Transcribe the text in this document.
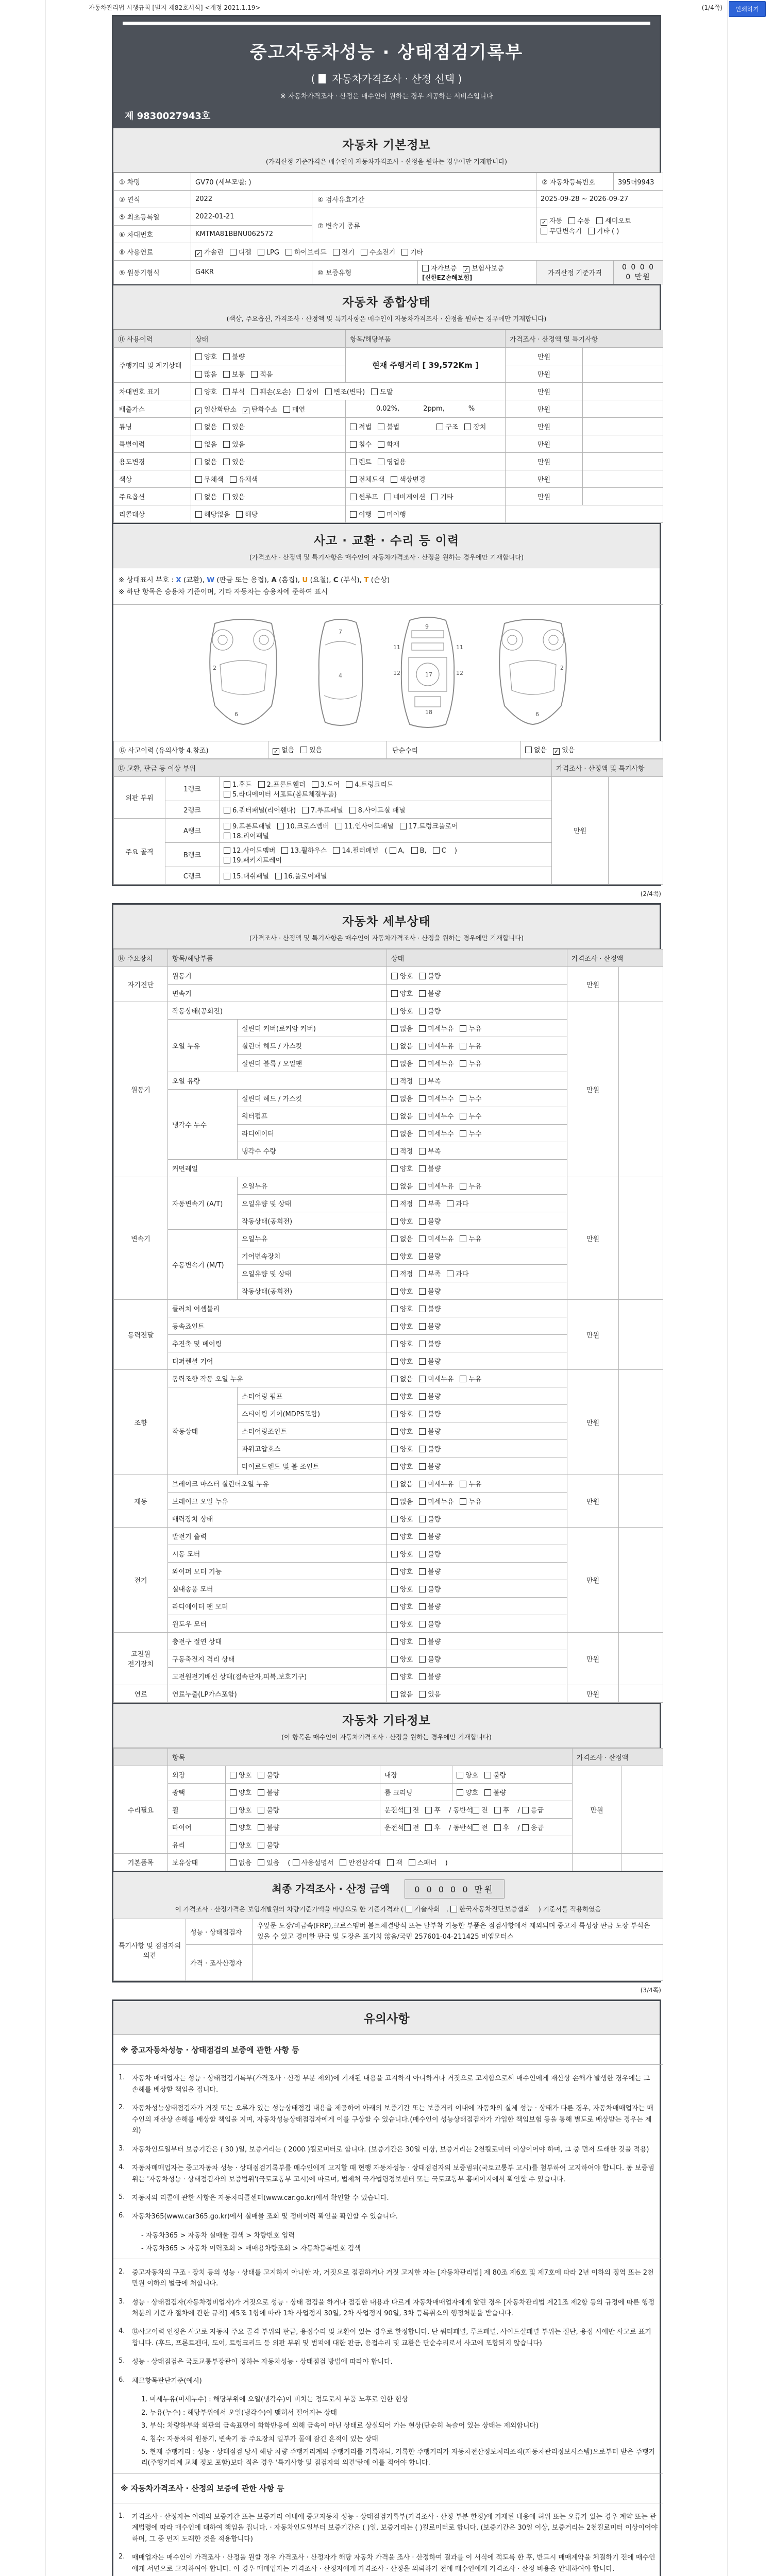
인쇄하기
자동차관리법 시행규칙 [별지 제82호서식] <개정 2021.1.19>	(1/4쪽)
중고자동차성능 · 상태점검기록부
( 자동차가격조사 · 산정 선택 )
※ 자동차가격조사 · 산정은 매수인이 원하는 경우 제공하는 서비스입니다
제 9830027943호
자동차 기본정보
(가격산정 기준가격은 매수인이 자동차가격조사 · 산정을 원하는 경우에만 기재합니다)
① 차명	GV70 (세부모델: )			② 자동차등록번호	395더9943
③ 연식	2022	④ 검사유효기간		2025-09-28 ~ 2026-09-27	
⑤ 최초등록일	2022-01-21	⑦ 변속기 종류		✓ 자동 수동 세미오토
무단변속기 기타 ( )	
⑥ 차대번호	KMTMA81BBNU062572				
⑧ 사용연료	✓ 가솔린 디젤 LPG 하이브리드 전기 수소전기 기타				
⑨ 원동기형식	G4KR	⑩ 보증유형	자가보증 ✓ 보험사보증[신한EZ손해보험]	가격산정 기준가격	0 0 0 0 0 만원
자동차 종합상태
(색상, 주요옵션, 가격조사 · 산정액 및 특기사항은 매수인이 자동차가격조사 · 산정을 원하는 경우에만 기재합니다)
⑪ 사용이력	상태	항목/해당부품	가격조사 · 산정액 및 특기사항	
주행거리 및 계기상태	양호 불량	현재 주행거리 [ 39,572Km ]	만원	
	많음 보통 적음		만원	
차대번호 표기	양호 부식 훼손(오손) 상이 변조(변타) 도말		만원	
배출가스	✓ 일산화탄소 ✓ 탄화수소 매연	0.02%, 2ppm, %	만원	
튜닝	없음 있음	적법 불법 구조 장치	만원	
특별이력	없음 있음	침수 화재	만원	
용도변경	없음 있음	렌트 영업용	만원	
색상	무채색 유채색	전체도색 색상변경	만원	
주요옵션	없음 있음	썬루프 네비게이션 기타	만원	
리콜대상	해당없음 해당	이행 미이행		
사고 · 교환 · 수리 등 이력
(가격조사 · 산정액 및 특기사항은 매수인이 자동차가격조사 · 산정을 원하는 경우에만 기재합니다)
※ 상태표시 부호 : X (교환), W (판금 또는 용접), A (흠집), U (요철), C (부식), T (손상)
※ 하단 항목은 승용차 기준이며, 기타 자동차는 승용차에 준하여 표시
2
6
7
4
9
11	11
12	12
17
18	6
2
⑫ 사고이력 (유의사항 4.참조)	✓ 없음 있음	단순수리	없음 ✓ 있음
⑬ 교환, 판금 등 이상 부위			가격조사 · 산정액 및 특기사항	
외판 부위	1랭크	1.후드 2.프론트휀더 3.도어 4.트렁크리드
5.라디에이터 서포트(볼트체결부품)	만원	
	2랭크	6.쿼터패널(리어휀다) 7.루프패널 8.사이드실 패널		
주요 골격	A랭크	9.프론트패널 10.크로스멤버 11.인사이드패널 17.트렁크플로어
18.리어패널		
	B랭크	12.사이드멤버 13.휠하우스 14.필러패널 ( A, B, C )
19.패키지트레이		
	C랭크	15.대쉬패널 16.플로어패널		
(2/4쪽)
자동차 세부상태
(가격조사 · 산정액 및 특기사항은 매수인이 자동차가격조사 · 산정을 원하는 경우에만 기재합니다)
⑭ 주요장치	항목/해당부품		상태	가격조사 · 산정액	
자기진단	원동기		양호 불량	만원	
	변속기		양호 불량		
원동기	작동상태(공회전)		양호 불량	만원	
	오일 누유	실린더 커버(로커암 커버)	없음 미세누유 누유		
		실린더 헤드 / 가스킷	없음 미세누유 누유		
		실린더 블록 / 오일팬	없음 미세누유 누유		
	오일 유량		적정 부족		
	냉각수 누수	실린더 헤드 / 가스킷	없음 미세누수 누수		
		워터펌프	없음 미세누수 누수		
		라디에이터	없음 미세누수 누수		
		냉각수 수량	적정 부족		
	커먼레일		양호 불량		
변속기	자동변속기 (A/T)	오일누유	없음 미세누유 누유	만원	
		오일유량 및 상태	적정 부족 과다		
		작동상태(공회전)	양호 불량		
	수동변속기 (M/T)	오일누유	없음 미세누유 누유		
		기어변속장치	양호 불량		
		오일유량 및 상태	적정 부족 과다		
		작동상태(공회전)	양호 불량		
동력전달	클러치 어셈블리		양호 불량	만원	
	등속죠인트		양호 불량		
	추진축 및 베어링		양호 불량		
	디퍼렌셜 기어		양호 불량		
조향	동력조향 작동 오일 누유		없음 미세누유 누유	만원	
	작동상태	스티어링 펌프	양호 불량		
		스티어링 기어(MDPS포함)	양호 불량		
		스티어링조인트	양호 불량		
		파워고압호스	양호 불량		
		타이로드엔드 및 볼 조인트	양호 불량		
제동	브레이크 마스터 실린더오일 누유		없음 미세누유 누유	만원	
	브레이크 오일 누유		없음 미세누유 누유		
	배력장치 상태		양호 불량		
전기	발전기 출력		양호 불량	만원	
	시동 모터		양호 불량		
	와이퍼 모터 기능		양호 불량		
	실내송풍 모터		양호 불량		
	라디에이터 팬 모터		양호 불량		
	윈도우 모터		양호 불량		
고전원 전기장치	충전구 절연 상태		양호 불량	만원	
	구동축전지 격리 상태		양호 불량		
	고전원전기배선 상태(접속단자,피복,보호기구)		양호 불량		
연료	연료누출(LP가스포함)		없음 있음	만원	
자동차 기타정보
(이 항목은 매수인이 자동차가격조사 · 산정을 원하는 경우에만 기재합니다)
	항목				가격조사 · 산정액	
수리필요	외장	양호 불량	내장	양호 불량	만원	
	광택	양호 불량	룸 크리닝	양호 불량		
	휠	양호 불량	운전석 전 후 / 동반석 전 후 / 응급			
	타이어	양호 불량	운전석 전 후 / 동반석 전 후 / 응급			
	유리	양호 불량				
기본품목	보유상태	없음 있음 ( 사용설명서 안전삼각대 잭 스패너 )				
최종 가격조사 · 산정 금액	0 0 0 0 0 만원
이 가격조사 · 산정가격은 보험개발원의 차량기준가액을 바탕으로 한 기준가격과 ( 기술사회 , 한국자동차진단보증협회 ) 기준서를 적용하였음
특기사항 및 점검자의 의견	성능 · 상태점검자	우앞문 도장/비금속(FRP),크로스멤버 볼트체결방식 또는 탈부착 가능한 부품은 점검사항에서 제외되며 중고차 특성상 판금 도장 부식은 있을 수 있고 경미한 판금 및 도장은 표기치 않음/국민 257601-04-211425 비엠모터스
	가격 · 조사산정자	
(3/4쪽)
유의사항
※ 중고자동차성능 · 상태점검의 보증에 관한 사항 등
1.	자동차 매매업자는 성능 · 상태점검기록부(가격조사 · 산정 부분 제외)에 기재된 내용을 고지하지 아니하거나 거짓으로 고지함으로써 매수인에게 재산상 손해가 발생한 경우에는 그 손해를 배상할 책임을 집니다.
2.	자동차성능상태점검자가 거짓 또는 오류가 있는 성능상태점검 내용을 제공하여 아래의 보증기간 또는 보증거리 이내에 자동차의 실제 성능 · 상태가 다른 경우, 자동차매매업자는 매수인의 재산상 손해를 배상할 책임을 지며, 자동차성능상태점검자에게 이를 구상할 수 있습니다.(매수인이 성능상태점검자가 가입한 책임보험 등을 통해 별도로 배상받는 경우는 제외)
3.	자동차인도일부터 보증기간은 ( 30 )일, 보증거리는 ( 2000 )킬로미터로 합니다. (보증기간은 30일 이상, 보증거리는 2천킬로미터 이상이어야 하며, 그 중 먼저 도래한 것을 적용)
4.	자동차매매업자는 중고자동차 성능 · 상태점검기록부를 매수인에게 고지할 때 현행 자동차성능 · 상태점검자의 보증범위(국토교통부 고시)를 첨부하여 고지하여야 합니다. 동 보증범위는 '자동차성능 · 상태점검자의 보증범위'(국토교통부 고시)에 따르며, 법제처 국가법령정보센터 또는 국토교통부 홈페이지에서 확인할 수 있습니다.
5.	자동차의 리콜에 관한 사항은 자동차리콜센터(www.car.go.kr)에서 확인할 수 있습니다.
6.	자동차365(www.car365.go.kr)에서 실매물 조회 및 정비이력 확인을 확인할 수 있습니다.
- 자동차365 > 자동차 실매물 검색 > 차량번호 입력
- 자동차365 > 자동차 이력조회 > 매매용차량조회 > 자동차등록번호 검색
2.	중고자동차의 구조 · 장치 등의 성능 · 상태를 고지하지 아니한 자, 거짓으로 점검하거나 거짓 고지한 자는 [자동차관리법] 제 80조 제6호 및 제7호에 따라 2년 이하의 징역 또는 2천만원 이하의 벌금에 처합니다.
3.	성능 · 상태점검자(자동차정비업자)가 거짓으로 성능 · 상태 점검을 하거나 점검한 내용과 다르게 자동차매매업자에게 알린 경우 [자동차관리법 제21조 제2항 등의 규정에 따른 행정처분의 기준과 절차에 관한 규칙] 제5조 1항에 따라 1차 사업정지 30일, 2차 사업정지 90일, 3차 등록취소의 행정처분을 받습니다.
4.	⑫사고이력 인정은 사고로 자동차 주요 골격 부위의 판금, 용접수리 및 교환이 있는 경우로 한정합니다. 단 쿼터패널, 루프패널, 사이드실패널 부위는 절단, 용접 시에만 사고로 표기합니다. (후드, 프론트펜더, 도어, 트렁크리드 등 외판 부위 및 범퍼에 대한 판금, 용접수리 및 교환은 단순수리로서 사고에 포함되지 않습니다)
5.	성능 · 상태점검은 국토교통부장관이 정하는 자동차성능 · 상태점검 방법에 따라야 합니다.
6.	체크항목판단기준(예시)
1. 미세누유(미세누수) : 해당부위에 오일(냉각수)이 비치는 정도로서 부품 노후로 인한 현상
2. 누유(누수) : 해당부위에서 오일(냉각수)이 맺혀서 떨어지는 상태
3. 부식: 차량하부와 외판의 금속표면이 화학반응에 의해 금속이 아닌 상태로 상실되어 가는 현상(단순히 녹슬어 있는 상태는 제외합니다)
4. 침수: 자동차의 원동기, 변속기 등 주요장치 일부가 물에 잠긴 흔적이 있는 상태
5. 현재 주행거리 : 성능 · 상태점검 당시 해당 차량 주행거리계의 주행거리를 기록하되, 기록한 주행거리가 자동차전산정보처리조직(자동차관리정보시스템)으로부터 받은 주행거리(주행거리계 교체 정보 포함)보다 적은 경우 '특기사항 및 점검자의 의견'란에 이를 적어야 합니다.
※ 자동차가격조사 · 산정의 보증에 관한 사항 등
1.	가격조사 · 산정자는 아래의 보증기간 또는 보증거리 이내에 중고자동차 성능 · 상태점검기록부(가격조사 · 산정 부분 한정)에 기재된 내용에 허위 또는 오류가 있는 경우 계약 또는 관계법령에 따라 매수인에 대하여 책임을 집니다. · 자동차인도일부터 보증기간은 ( )일, 보증거리는 ( )킬로미터로 합니다. (보증기간은 30일 이상, 보증거리는 2천킬로미터 이상이어야 하며, 그 중 먼저 도래한 것을 적용합니다)
2.	매매업자는 매수인이 가격조사 · 산정을 원할 경우 가격조사 · 산정자가 해당 자동차 가격을 조사 · 산정하여 결과를 이 서식에 적도록 한 후, 반드시 매매계약을 체결하기 전에 매수인에게 서면으로 고지하여야 합니다. 이 경우 매매업자는 가격조사 · 산정자에게 가격조사 · 산정을 의뢰하기 전에 매수인에게 가격조사 · 산정 비용을 안내하여야 합니다.
